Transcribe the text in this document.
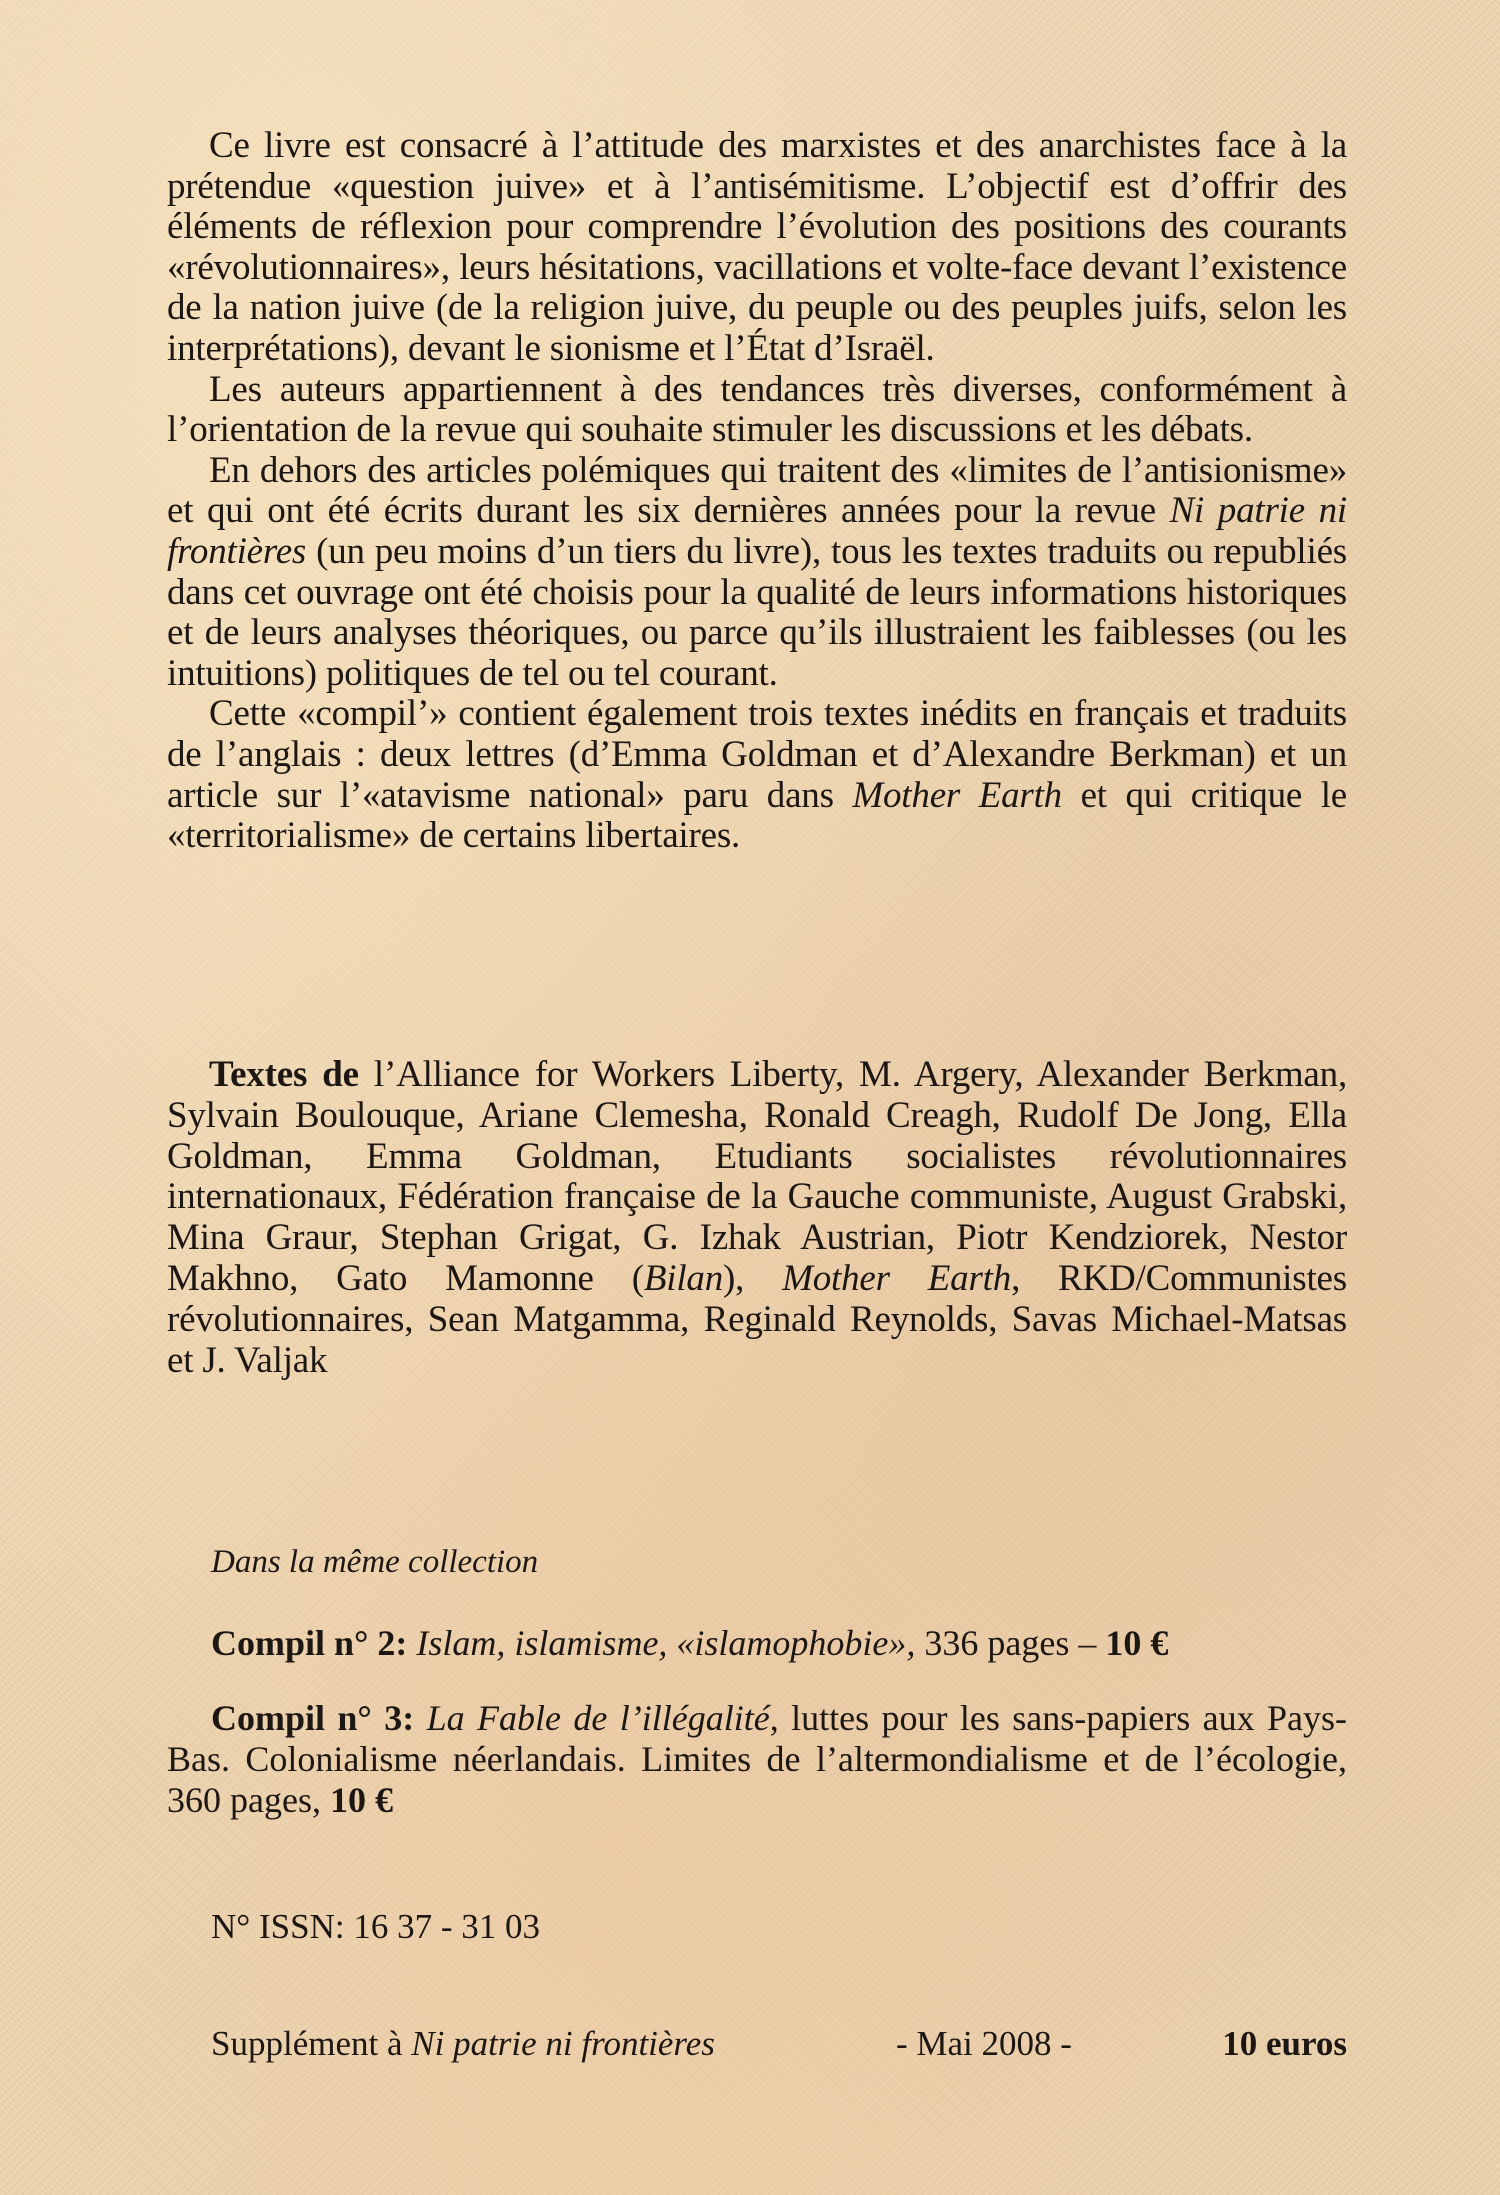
Ce livre est consacré à l’attitude des marxistes et des anarchistes face à la prétendue «question juive» et à l’antisémitisme. L’objectif est d’offrir des éléments de réflexion pour comprendre l’évolution des positions des courants «révolutionnaires», leurs hésitations, vacillations et volte-face devant l’existence de la nation juive (de la religion juive, du peuple ou des peuples juifs, selon les interprétations), devant le sionisme et l’État d’Israël.

Les auteurs appartiennent à des tendances très diverses, conformément à l’orientation de la revue qui souhaite stimuler les discussions et les débats.

En dehors des articles polémiques qui traitent des «limites de l’antisionisme» et qui ont été écrits durant les six dernières années pour la revue Ni patrie ni frontières (un peu moins d’un tiers du livre), tous les textes traduits ou republiés dans cet ouvrage ont été choisis pour la qualité de leurs informations historiques et de leurs analyses théoriques, ou parce qu’ils illustraient les faiblesses (ou les intuitions) politiques de tel ou tel courant.

Cette «compil’» contient également trois textes inédits en français et traduits de l’anglais : deux lettres (d’Emma Goldman et d’Alexandre Berkman) et un article sur l’«atavisme national» paru dans Mother Earth et qui critique le «territorialisme» de certains libertaires.

Textes de l’Alliance for Workers Liberty, M. Argery, Alexander Berkman, Sylvain Boulouque, Ariane Clemesha, Ronald Creagh, Rudolf De Jong, Ella Goldman, Emma Goldman, Etudiants socialistes révolutionnaires internationaux, Fédération française de la Gauche communiste, August Grabski, Mina Graur, Stephan Grigat, G. Izhak Austrian, Piotr Kendziorek, Nestor Makhno, Gato Mamonne (Bilan), Mother Earth, RKD/Communistes révolutionnaires, Sean Matgamma, Reginald Reynolds, Savas Michael-Matsas et J. Valjak

Dans la même collection

Compil n° 2: Islam, islamisme, «islamophobie», 336 pages – 10 €

Compil n° 3: La Fable de l’illégalité, luttes pour les sans-papiers aux Pays-Bas. Colonialisme néerlandais. Limites de l’altermondialisme et de l’écologie, 360 pages, 10 €

N° ISSN: 16 37 - 31 03

Supplément à Ni patrie ni frontières	- Mai 2008 -	10 euros
